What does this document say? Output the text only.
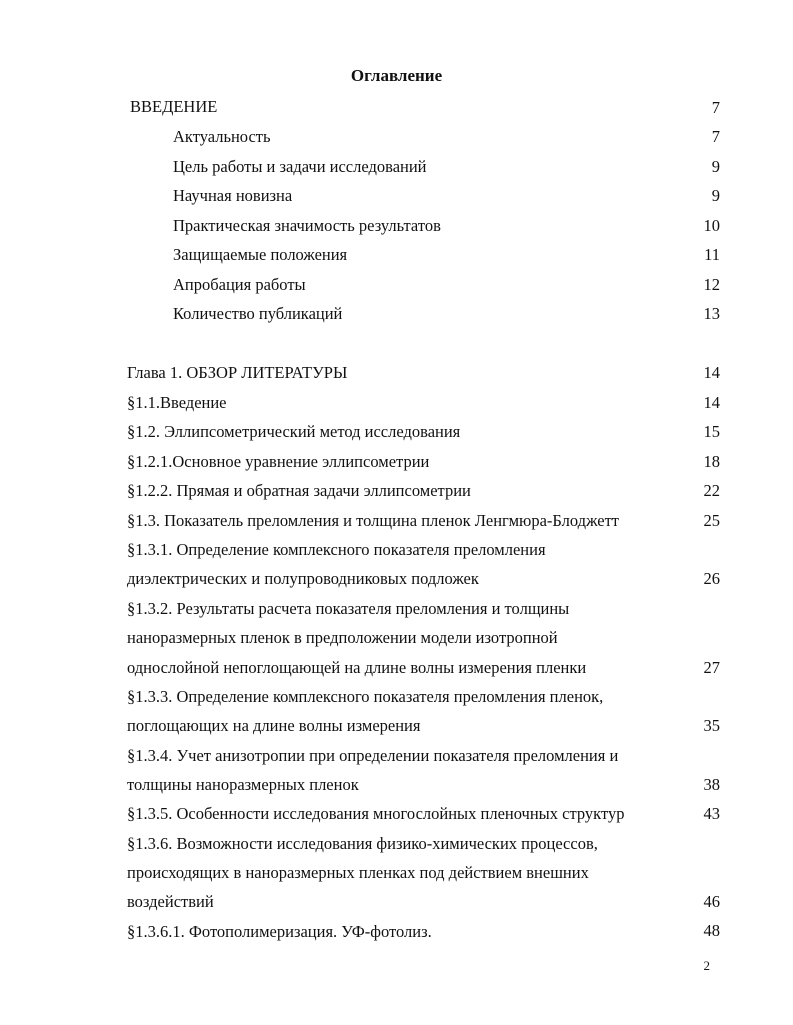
Оглавление
ВВЕДЕНИЕ	7
Актуальность	7
Цель работы и задачи исследований	9
Научная новизна	9
Практическая значимость результатов	10
Защищаемые положения	11
Апробация работы	12
Количество публикаций	13
Глава 1. ОБЗОР ЛИТЕРАТУРЫ	14
§1.1.Введение	14
§1.2. Эллипсометрический метод исследования	15
§1.2.1.Основное уравнение эллипсометрии	18
§1.2.2. Прямая и обратная задачи эллипсометрии	22
§1.3. Показатель преломления и толщина пленок Ленгмюра-Блоджетт	25
§1.3.1. Определение комплексного показателя преломления
диэлектрических и полупроводниковых подложек	26
§1.3.2. Результаты расчета показателя преломления и толщины
наноразмерных пленок в предположении модели изотропной
однослойной непоглощающей на длине волны измерения пленки	27
§1.3.3. Определение комплексного показателя преломления пленок,
поглощающих на длине волны измерения	35
§1.3.4. Учет анизотропии при определении показателя преломления и
толщины наноразмерных пленок	38
§1.3.5. Особенности исследования многослойных пленочных структур	43
§1.3.6. Возможности исследования физико-химических процессов,
происходящих в наноразмерных пленках под действием внешних
воздействий	46
§1.3.6.1. Фотополимеризация. УФ-фотолиз.	48
2
